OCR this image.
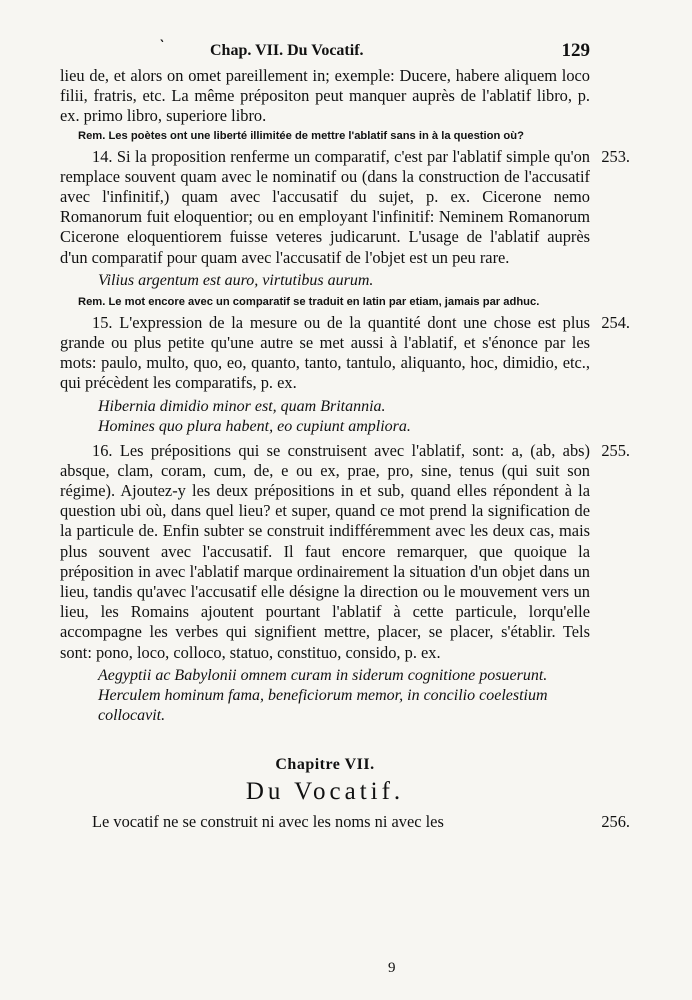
‵	Chap. VII. Du Vocatif.	129

lieu de, et alors on omet pareillement in; exemple: Ducere, habere aliquem loco filii, fratris, etc. La même prépositon peut manquer auprès de l'ablatif libro, p. ex. primo libro, superiore libro.

Rem. Les poètes ont une liberté illimitée de mettre l'ablatif sans in à la question où?

253.

14. Si la proposition renferme un comparatif, c'est par l'ablatif simple qu'on remplace souvent quam avec le nominatif ou (dans la construction de l'accusatif avec l'infinitif,) quam avec l'accusatif du sujet, p. ex. Cicerone nemo Romanorum fuit eloquentior; ou en employant l'infinitif: Neminem Romanorum Cicerone eloquentiorem fuisse veteres judicarunt. L'usage de l'ablatif auprès d'un comparatif pour quam avec l'accusatif de l'objet est un peu rare.

Vilius argentum est auro, virtutibus aurum.

Rem. Le mot encore avec un comparatif se traduit en latin par etiam, jamais par adhuc.

254.

15. L'expression de la mesure ou de la quantité dont une chose est plus grande ou plus petite qu'une autre se met aussi à l'ablatif, et s'énonce par les mots: paulo, multo, quo, eo, quanto, tanto, tantulo, aliquanto, hoc, dimidio, etc., qui précèdent les comparatifs, p. ex.

Hibernia dimidio minor est, quam Britannia.

Homines quo plura habent, eo cupiunt ampliora.

255.

16. Les prépositions qui se construisent avec l'ablatif, sont: a, (ab, abs) absque, clam, coram, cum, de, e ou ex, prae, pro, sine, tenus (qui suit son régime). Ajoutez-y les deux prépositions in et sub, quand elles répondent à la question ubi où, dans quel lieu? et super, quand ce mot prend la signification de la particule de. Enfin subter se construit indifféremment avec les deux cas, mais plus souvent avec l'accusatif. Il faut encore remarquer, que quoique la préposition in avec l'ablatif marque ordinairement la situation d'un objet dans un lieu, tandis qu'avec l'accusatif elle désigne la direction ou le mouvement vers un lieu, les Romains ajoutent pourtant l'ablatif à cette particule, lorqu'elle accompagne les verbes qui signifient mettre, placer, se placer, s'établir. Tels sont: pono, loco, colloco, statuo, constituo, consido, p. ex.

Aegyptii ac Babylonii omnem curam in siderum cognitione posuerunt.

Herculem hominum fama, beneficiorum memor, in concilio coelestium collocavit.

Chapitre VII.
Du Vocatif.
256.

Le vocatif ne se construit ni avec les noms ni avec les

9
